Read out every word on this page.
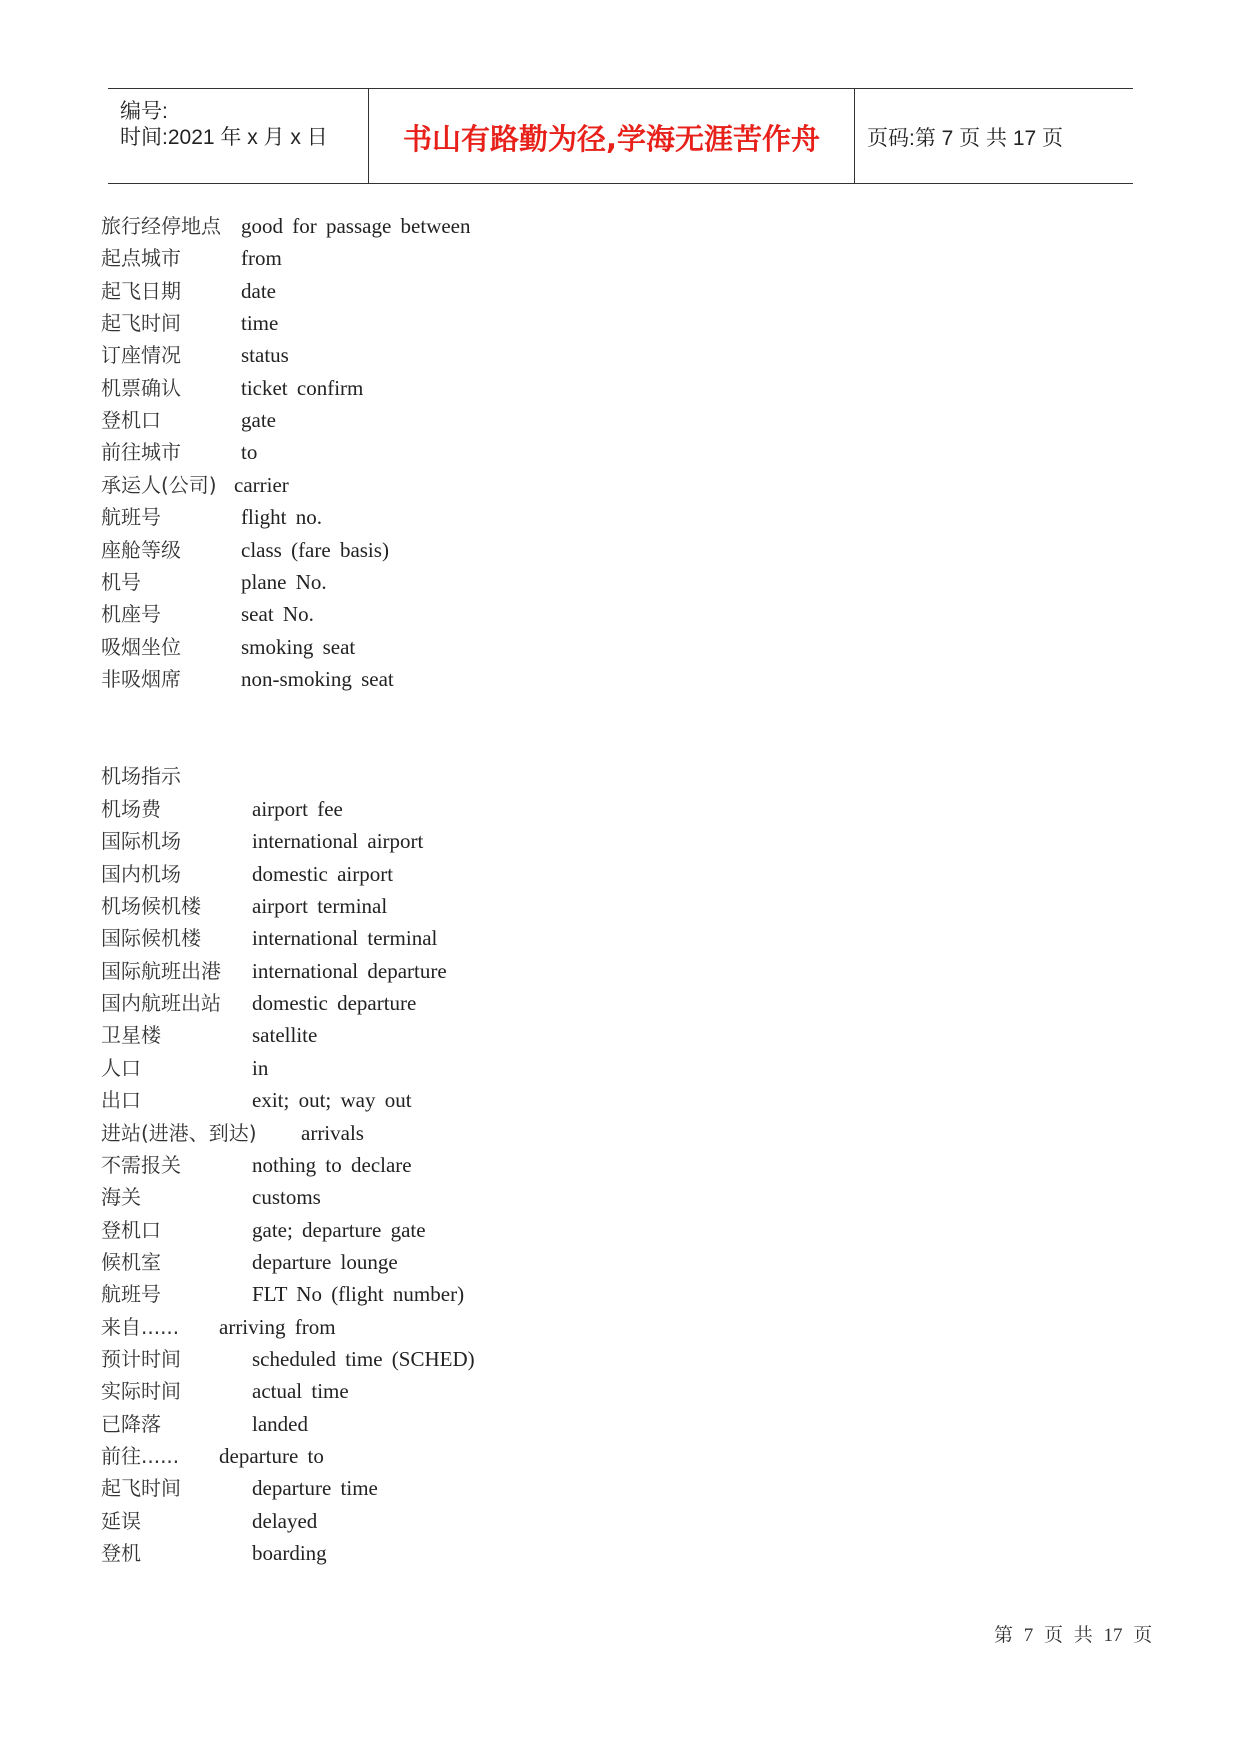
编号:
时间:2021 年 x 月 x 日	书山有路勤为径,学海无涯苦作舟	页码:第 7 页 共 17 页
旅行经停地点 good for passage between
起点城市	from
起飞日期	date
起飞时间	time
订座情况	status
机票确认	ticket confirm
登机口	gate
前往城市	to
承运人(公司) carrier
航班号	flight no.
座舱等级	class (fare basis)
机号	plane No.
机座号	seat No.
吸烟坐位	smoking seat
非吸烟席	non-smoking seat
机场指示
机场费	airport fee
国际机场	international airport
国内机场	domestic airport
机场候机楼 airport terminal
国际候机楼 international terminal
国际航班出港 international departure
国内航班出站 domestic departure
卫星楼	satellite
人口	in
出口	exit; out; way out
进站(进港、到达) arrivals
不需报关	nothing to declare
海关	customs
登机口	gate; departure gate
候机室	departure lounge
航班号	FLT No (flight number)
来自...... arriving from
预计时间	scheduled time (SCHED)
实际时间	actual time
已降落	landed
前往...... departure to
起飞时间	departure time
延误	delayed
登机	boarding
第 7 页 共 17 页
